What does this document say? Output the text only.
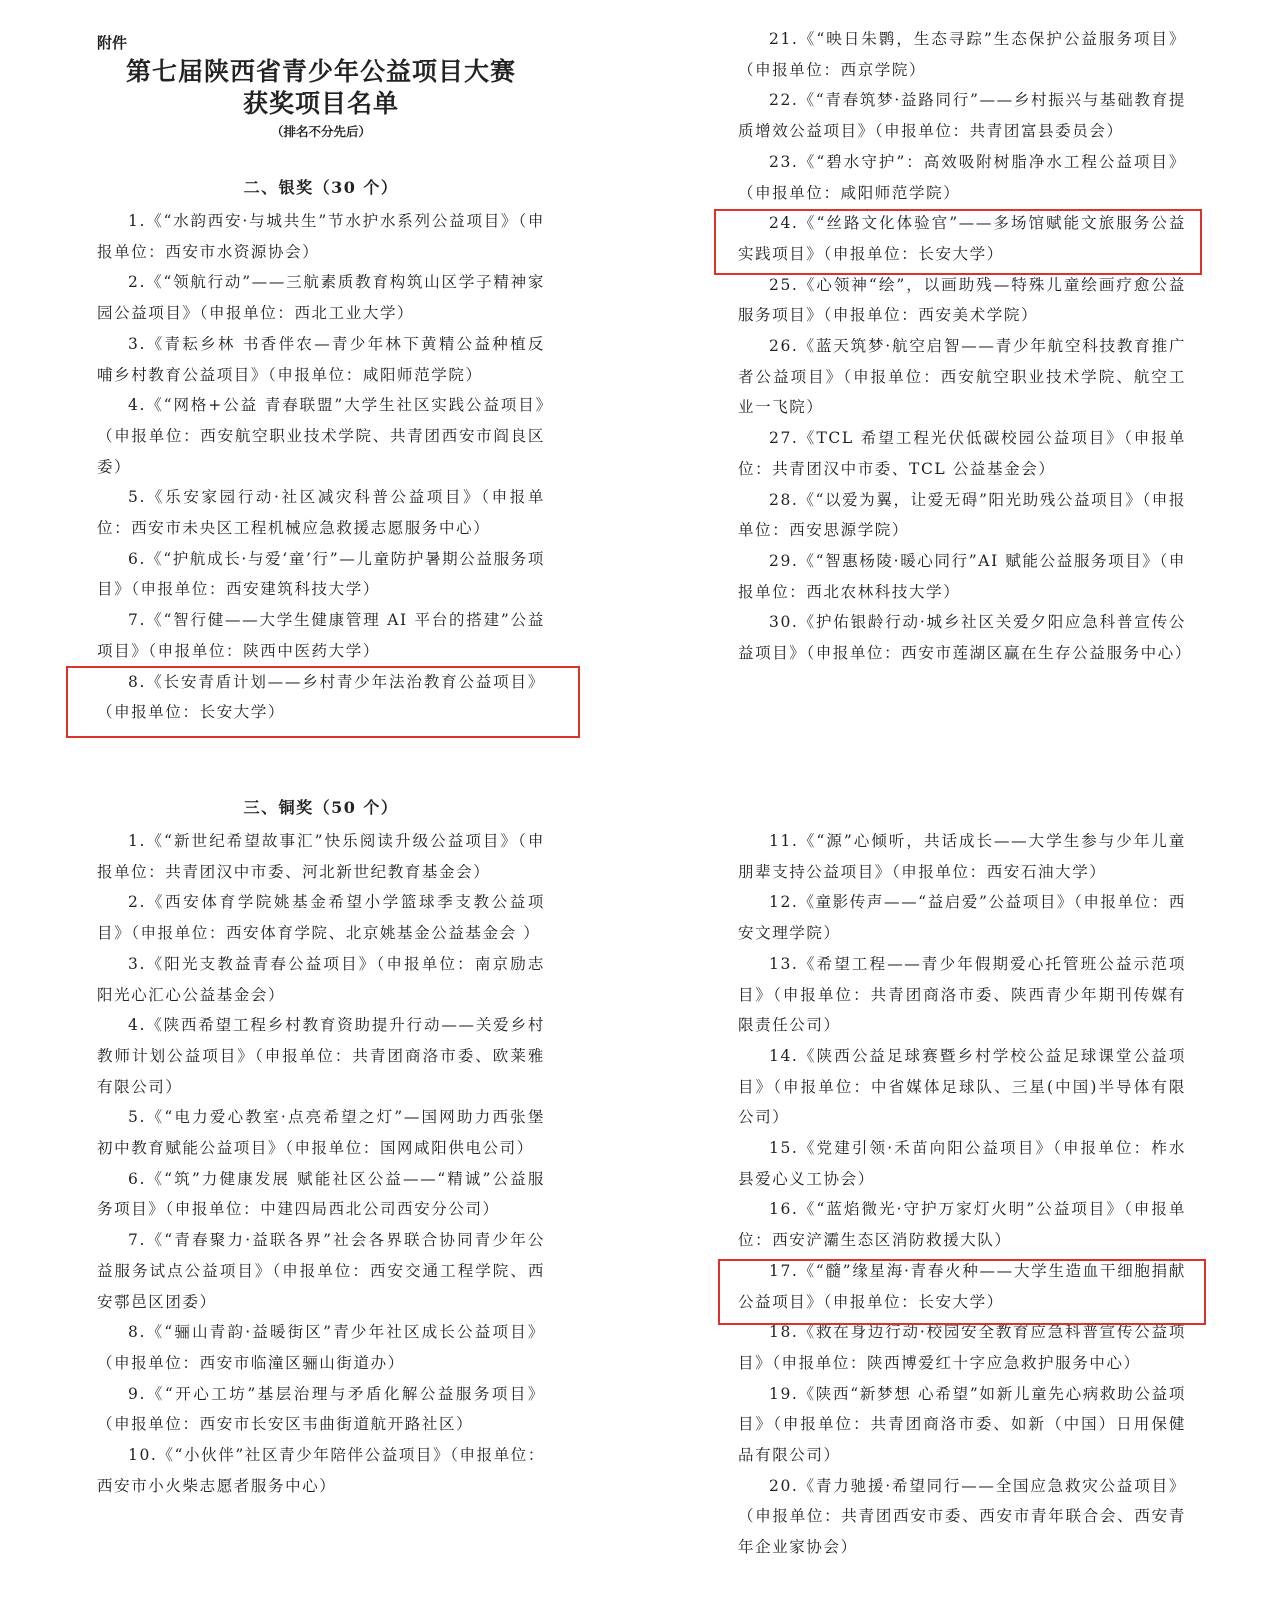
附件
第七届陕西省青少年公益项目大赛
获奖项目名单
（排名不分先后）
二、银奖（30 个）

1.《“水韵西安·与城共生”节水护水系列公益项目》（申报单位：西安市水资源协会）

2.《“领航行动”——三航素质教育构筑山区学子精神家园公益项目》（申报单位：西北工业大学）

3.《青耘乡林 书香伴农—青少年林下黄精公益种植反哺乡村教育公益项目》（申报单位：咸阳师范学院）

4.《“网格+公益 青春联盟”大学生社区实践公益项目》（申报单位：西安航空职业技术学院、共青团西安市阎良区委）

5.《乐安家园行动·社区减灾科普公益项目》（申报单位：西安市未央区工程机械应急救援志愿服务中心）

6.《“护航成长·与爱‘童’行”—儿童防护暑期公益服务项目》（申报单位：西安建筑科技大学）

7.《“智行健——大学生健康管理 AI 平台的搭建”公益项目》（申报单位：陕西中医药大学）

8.《长安青盾计划——乡村青少年法治教育公益项目》（申报单位：长安大学）

21.《“映日朱鹮，生态寻踪”生态保护公益服务项目》（申报单位：西京学院）

22.《“青春筑梦·益路同行”——乡村振兴与基础教育提质增效公益项目》（申报单位：共青团富县委员会）

23.《“碧水守护”：高效吸附树脂净水工程公益项目》（申报单位：咸阳师范学院）

24.《“丝路文化体验官”——多场馆赋能文旅服务公益实践项目》（申报单位：长安大学）

25.《心领神“绘”，以画助残—特殊儿童绘画疗愈公益服务项目》（申报单位：西安美术学院）

26.《蓝天筑梦·航空启智——青少年航空科技教育推广者公益项目》（申报单位：西安航空职业技术学院、航空工业一飞院）

27.《TCL 希望工程光伏低碳校园公益项目》（申报单位：共青团汉中市委、TCL 公益基金会）

28.《“以爱为翼，让爱无碍”阳光助残公益项目》（申报单位：西安思源学院）

29.《“智惠杨陵·暖心同行”AI 赋能公益服务项目》（申报单位：西北农林科技大学）

30.《护佑银龄行动·城乡社区关爱夕阳应急科普宣传公益项目》（申报单位：西安市莲湖区赢在生存公益服务中心）

三、铜奖（50 个）

1.《“新世纪希望故事汇”快乐阅读升级公益项目》（申报单位：共青团汉中市委、河北新世纪教育基金会）

2.《西安体育学院姚基金希望小学篮球季支教公益项目》（申报单位：西安体育学院、北京姚基金公益基金会 ）

3.《阳光支教益青春公益项目》（申报单位：南京励志阳光心汇心公益基金会）

4.《陕西希望工程乡村教育资助提升行动——关爱乡村教师计划公益项目》（申报单位：共青团商洛市委、欧莱雅有限公司）

5.《“电力爱心教室·点亮希望之灯”—国网助力西张堡初中教育赋能公益项目》（申报单位：国网咸阳供电公司）

6.《“筑”力健康发展 赋能社区公益——“精诚”公益服务项目》（申报单位：中建四局西北公司西安分公司）

7.《“青春聚力·益联各界”社会各界联合协同青少年公益服务试点公益项目》（申报单位：西安交通工程学院、西安鄠邑区团委）

8.《“骊山青韵·益暖街区”青少年社区成长公益项目》（申报单位：西安市临潼区骊山街道办）

9.《“开心工坊”基层治理与矛盾化解公益服务项目》（申报单位：西安市长安区韦曲街道航开路社区）

10.《“小伙伴”社区青少年陪伴公益项目》（申报单位：西安市小火柴志愿者服务中心）

11.《“源”心倾听，共话成长——大学生参与少年儿童朋辈支持公益项目》（申报单位：西安石油大学）

12.《童影传声——“益启爱”公益项目》（申报单位：西安文理学院）

13.《希望工程——青少年假期爱心托管班公益示范项目》（申报单位：共青团商洛市委、陕西青少年期刊传媒有限责任公司）

14.《陕西公益足球赛暨乡村学校公益足球课堂公益项目》（申报单位：中省媒体足球队、三星(中国)半导体有限公司）

15.《党建引领·禾苗向阳公益项目》（申报单位：柞水县爱心义工协会）

16.《“蓝焰微光·守护万家灯火明”公益项目》（申报单位：西安浐灞生态区消防救援大队）

17.《“髓”缘星海·青春火种——大学生造血干细胞捐献公益项目》（申报单位：长安大学）

18.《救在身边行动·校园安全教育应急科普宣传公益项目》（申报单位：陕西博爱红十字应急救护服务中心）

19.《陕西“新梦想 心希望”如新儿童先心病救助公益项目》（申报单位：共青团商洛市委、如新（中国）日用保健品有限公司）

20.《青力驰援·希望同行——全国应急救灾公益项目》（申报单位：共青团西安市委、西安市青年联合会、西安青年企业家协会）
